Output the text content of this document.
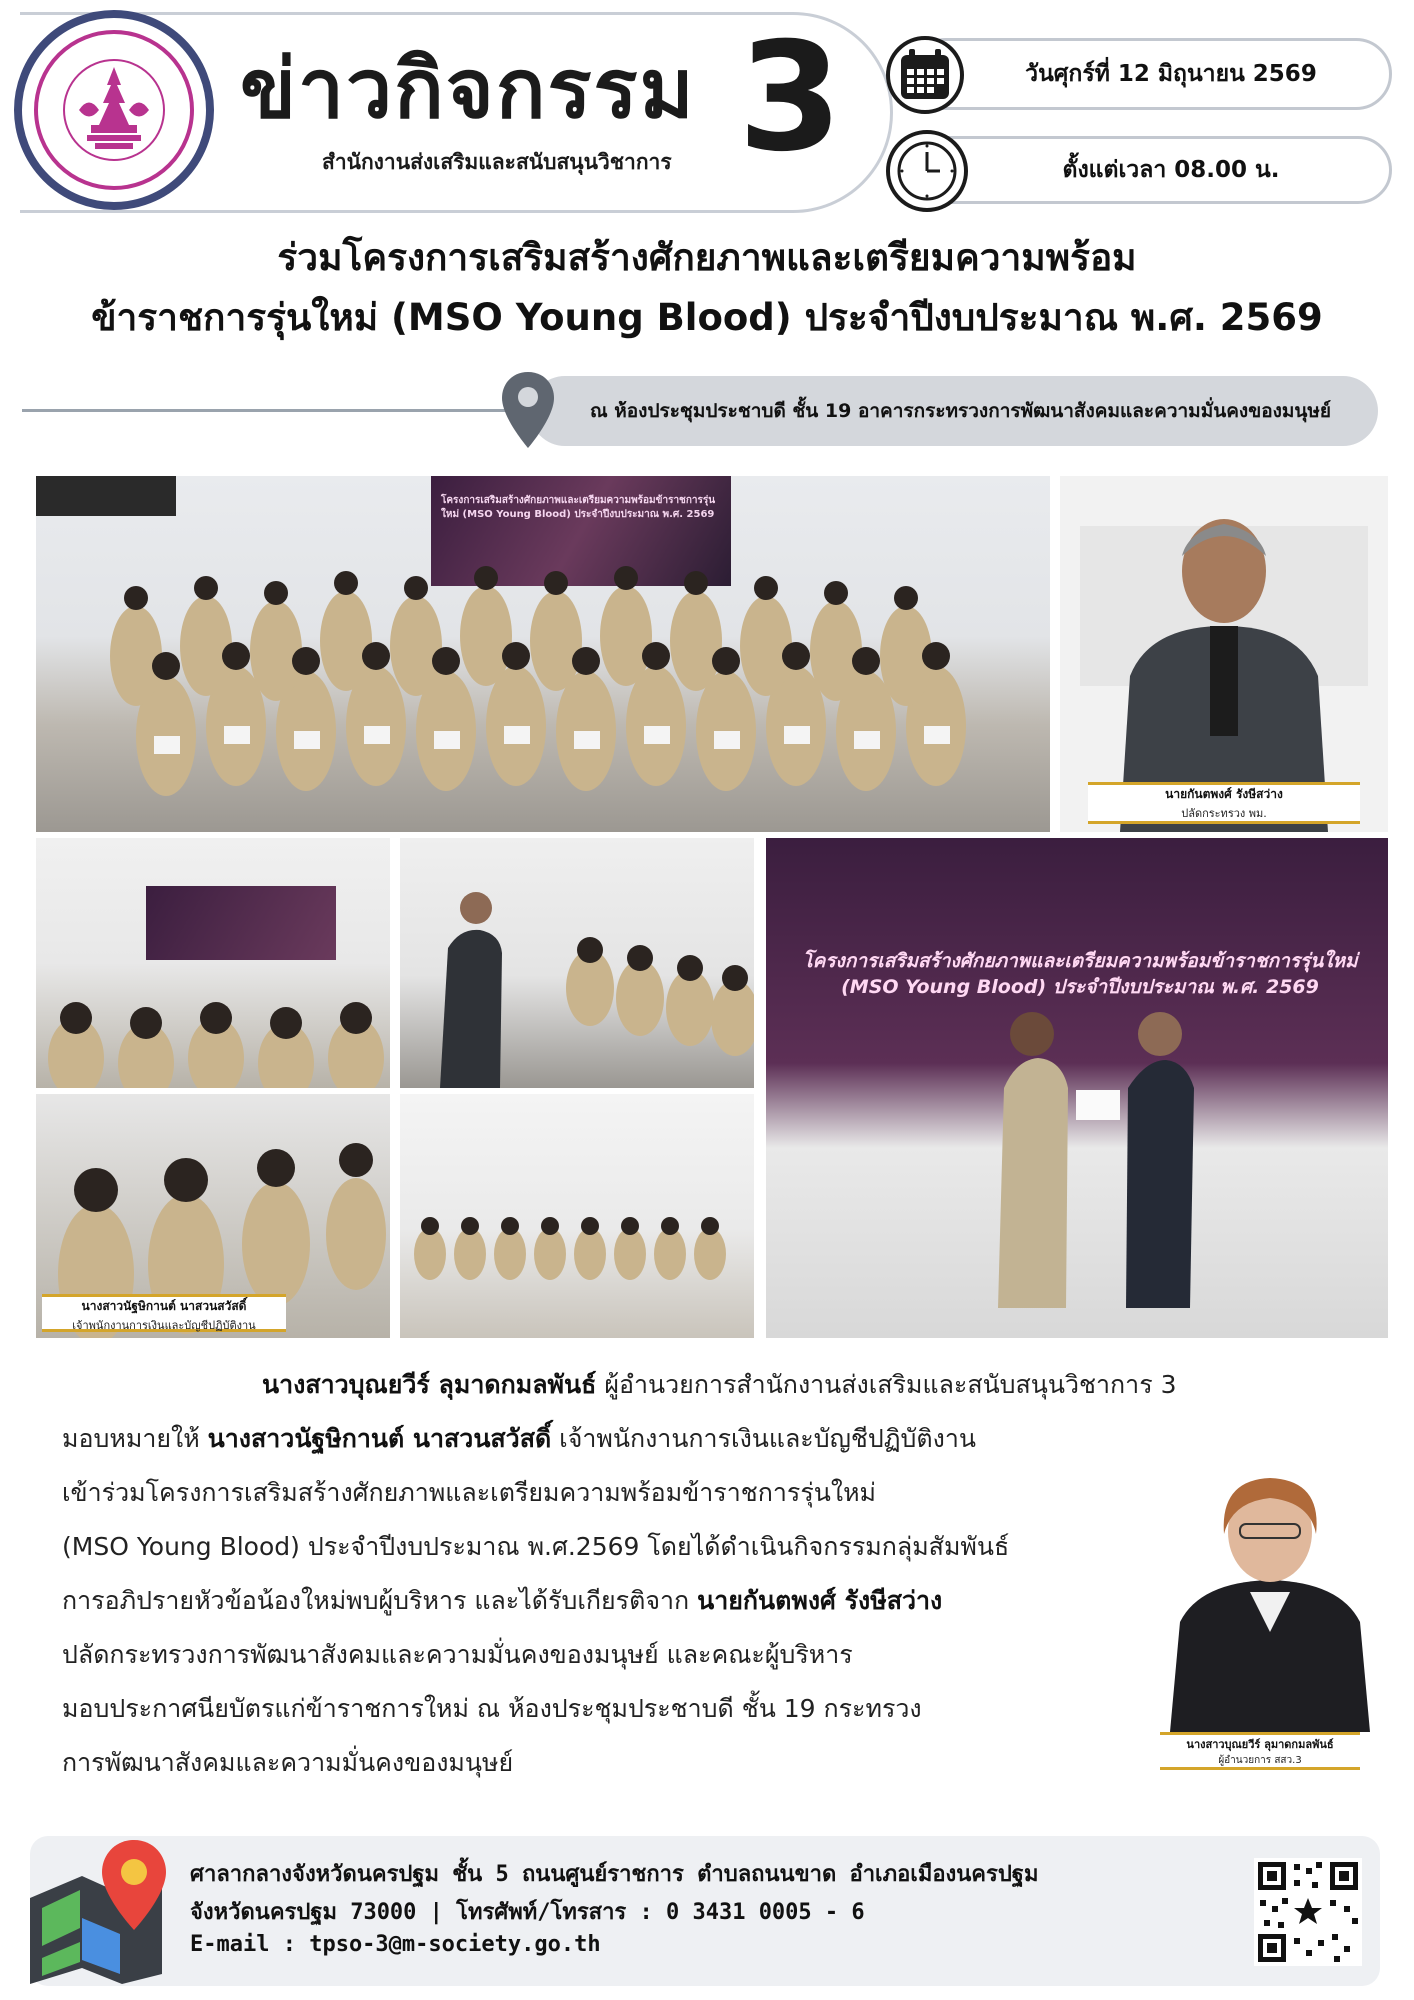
ข่าวกิจกรรม 3
สำนักงานส่งเสริมและสนับสนุนวิชาการ
วันศุกร์ที่ 12 มิถุนายน 2569
ตั้งแต่เวลา 08.00 น.
ร่วมโครงการเสริมสร้างศักยภาพและเตรียมความพร้อม
ข้าราชการรุ่นใหม่ (MSO Young Blood) ประจำปีงบประมาณ พ.ศ. 2569
ณ ห้องประชุมประชาบดี ชั้น 19 อาคารกระทรวงการพัฒนาสังคมและความมั่นคงของมนุษย์
โครงการเสริมสร้างศักยภาพและเตรียมความพร้อมข้าราชการรุ่นใหม่ (MSO Young Blood) ประจำปีงบประมาณ พ.ศ. 2569
นายกันตพงศ์ รังษีสว่าง
ปลัดกระทรวง พม.
โครงการเสริมสร้างศักยภาพและเตรียมความพร้อมข้าราชการรุ่นใหม่ (MSO Young Blood) ประจำปีงบประมาณ พ.ศ. 2569
นางสาวนัฐษิกานต์ นาสวนสวัสดิ์
เจ้าพนักงานการเงินและบัญชีปฏิบัติงาน
นางสาวบุณยวีร์ ลุมาดกมลพันธ์ ผู้อำนวยการสำนักงานส่งเสริมและสนับสนุนวิชาการ 3
มอบหมายให้ นางสาวนัฐษิกานต์ นาสวนสวัสดิ์ เจ้าพนักงานการเงินและบัญชีปฏิบัติงาน
เข้าร่วมโครงการเสริมสร้างศักยภาพและเตรียมความพร้อมข้าราชการรุ่นใหม่
(MSO Young Blood) ประจำปีงบประมาณ พ.ศ.2569 โดยได้ดำเนินกิจกรรมกลุ่มสัมพันธ์
การอภิปรายหัวข้อน้องใหม่พบผู้บริหาร และได้รับเกียรติจาก นายกันตพงศ์ รังษีสว่าง
ปลัดกระทรวงการพัฒนาสังคมและความมั่นคงของมนุษย์ และคณะผู้บริหาร
มอบประกาศนียบัตรแก่ข้าราชการใหม่ ณ ห้องประชุมประชาบดี ชั้น 19 กระทรวง
การพัฒนาสังคมและความมั่นคงของมนุษย์
นางสาวบุณยวีร์ ลุมาดกมลพันธ์
ผู้อำนวยการ สสว.3
ศาลากลางจังหวัดนครปฐม ชั้น 5 ถนนศูนย์ราชการ ตำบลถนนขาด อำเภอเมืองนครปฐม
จังหวัดนครปฐม 73000 | โทรศัพท์/โทรสาร : 0 3431 0005 - 6
E-mail : tpso-3@m-society.go.th
